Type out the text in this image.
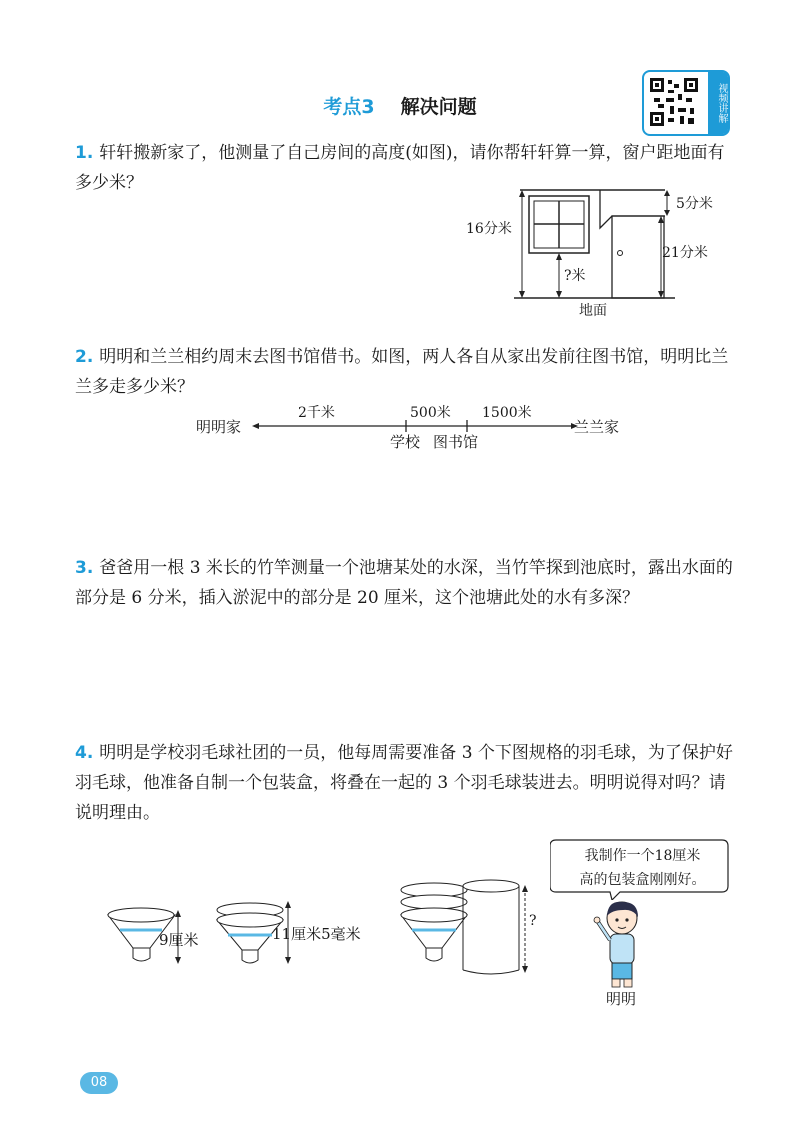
考点3 解决问题	视频讲解
1. 轩轩搬新家了，他测量了自己房间的高度(如图)，请你帮轩轩算一算，窗户距地面有多少米？
16分米
5分米
21分米
?米
地面
2. 明明和兰兰相约周末去图书馆借书。如图，两人各自从家出发前往图书馆，明明比兰兰多走多少米？
明明家	兰兰家
2千米	500米 1500米
学校 图书馆
3. 爸爸用一根 3 米长的竹竿测量一个池塘某处的水深，当竹竿探到池底时，露出水面的部分是 6 分米，插入淤泥中的部分是 20 厘米，这个池塘此处的水有多深？
4. 明明是学校羽毛球社团的一员，他每周需要准备 3 个下图规格的羽毛球，为了保护好羽毛球，他准备自制一个包装盒，将叠在一起的 3 个羽毛球装进去。明明说得对吗？请说明理由。
9厘米	11厘米5毫米
?
我制作一个18厘米
高的包装盒刚刚好。
明明
08
